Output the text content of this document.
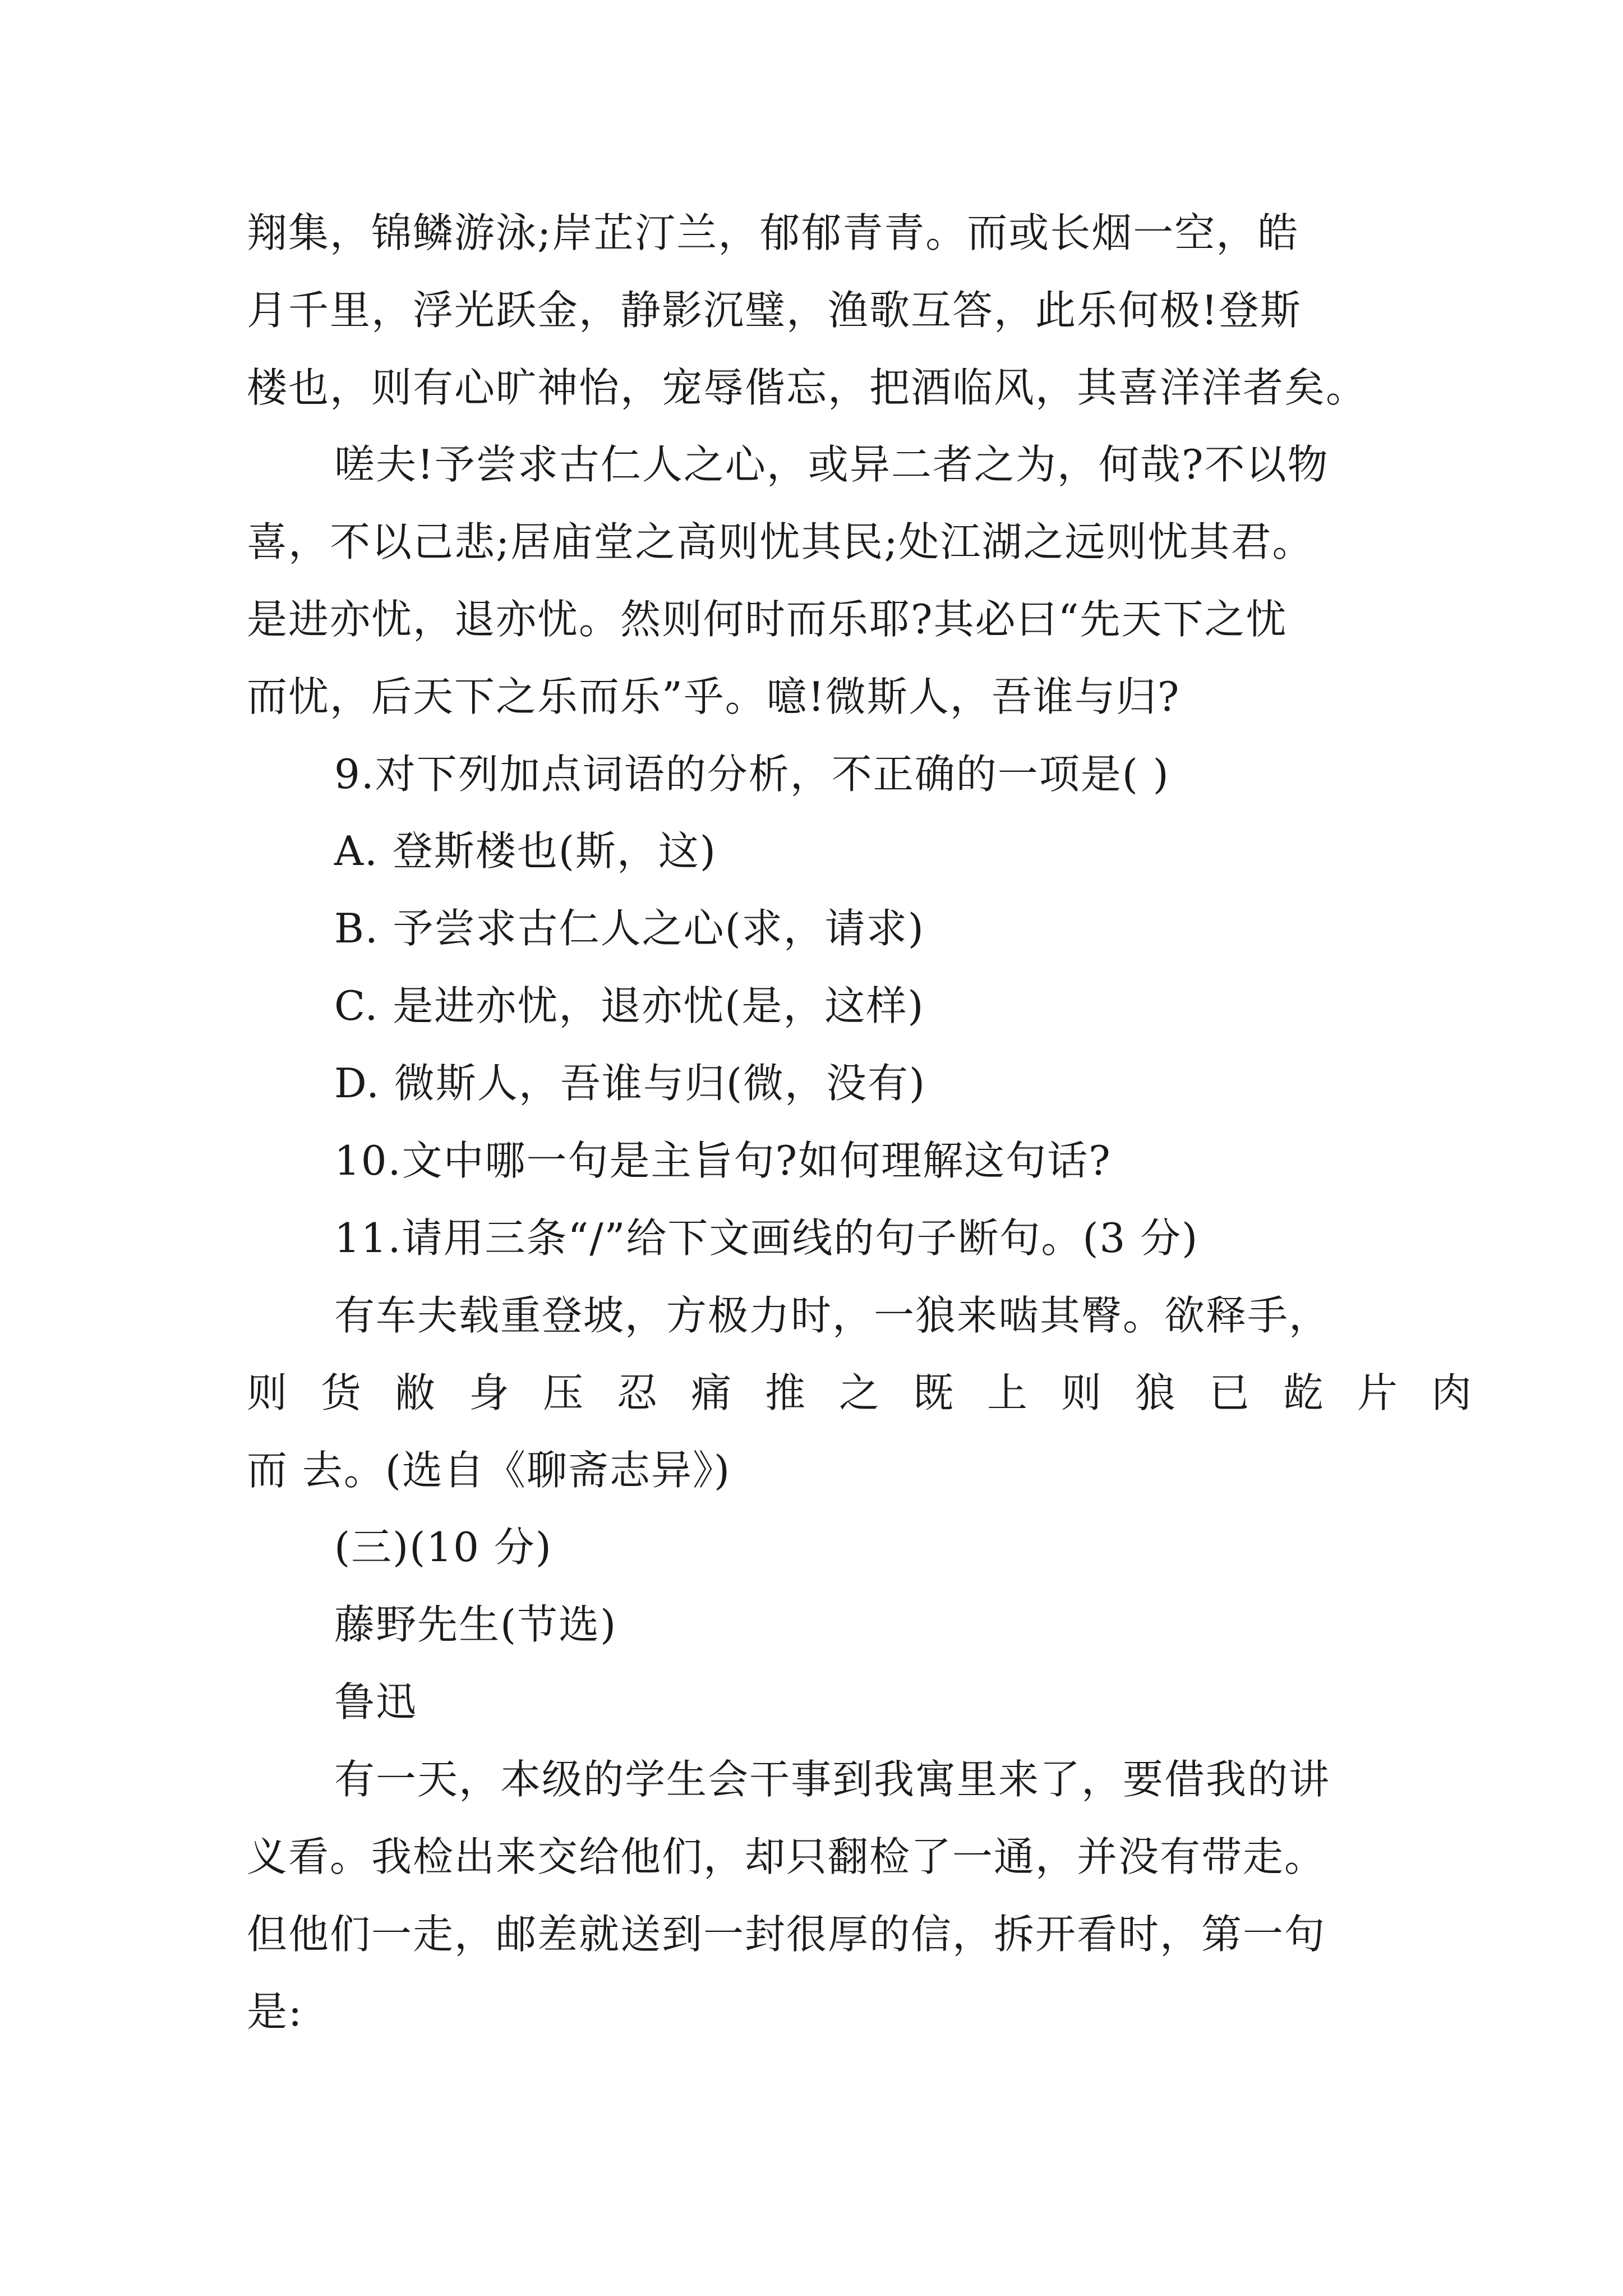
翔集，锦鳞游泳;岸芷汀兰，郁郁青青。而或长烟一空，皓
月千里，浮光跃金，静影沉璧，渔歌互答，此乐何极!登斯
楼也，则有心旷神怡，宠辱偕忘，把酒临风，其喜洋洋者矣。
嗟夫!予尝求古仁人之心，或异二者之为，何哉?不以物
喜，不以己悲;居庙堂之高则忧其民;处江湖之远则忧其君。
是进亦忧，退亦忧。然则何时而乐耶?其必曰“先天下之忧
而忧，后天下之乐而乐”乎。噫!微斯人，吾谁与归?
9.对下列加点词语的分析，不正确的一项是( )
A. 登斯楼也(斯，这)
B. 予尝求古仁人之心(求，请求)
C. 是进亦忧，退亦忧(是，这样)
D. 微斯人，吾谁与归(微，没有)
10.文中哪一句是主旨句?如何理解这句话?
11.请用三条“/”给下文画线的句子断句。(3 分)
有车夫载重登坡，方极力时，一狼来啮其臀。欲释手，
则货敝身压忍痛推之既上则狼已龁片肉
而 去。(选自《聊斋志异》)
(三)(10 分)
藤野先生(节选)
鲁迅
有一天，本级的学生会干事到我寓里来了，要借我的讲
义看。我检出来交给他们，却只翻检了一通，并没有带走。
但他们一走，邮差就送到一封很厚的信，拆开看时，第一句
是:
